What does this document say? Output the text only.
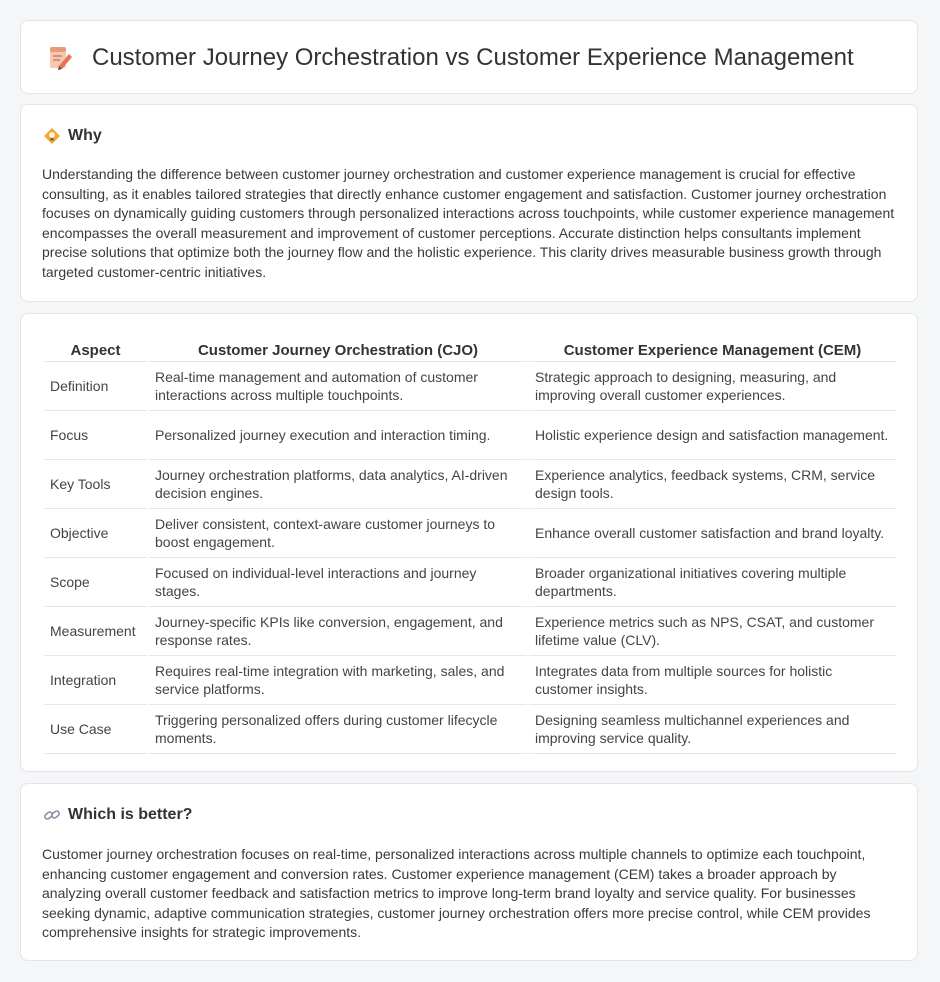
Customer Journey Orchestration vs Customer Experience Management
Why

Understanding the difference between customer journey orchestration and customer experience management is crucial for effective consulting, as it enables tailored strategies that directly enhance customer engagement and satisfaction. Customer journey orchestration focuses on dynamically guiding customers through personalized interactions across touchpoints, while customer experience management encompasses the overall measurement and improvement of customer perceptions. Accurate distinction helps consultants implement precise solutions that optimize both the journey flow and the holistic experience. This clarity drives measurable business growth through targeted customer-centric initiatives.

Aspect	Customer Journey Orchestration (CJO)	Customer Experience Management (CEM)
Definition	Real-time management and automation of customer interactions across multiple touchpoints.	Strategic approach to designing, measuring, and improving overall customer experiences.
Focus	Personalized journey execution and interaction timing.	Holistic experience design and satisfaction management.
Key Tools	Journey orchestration platforms, data analytics, AI-driven decision engines.	Experience analytics, feedback systems, CRM, service design tools.
Objective	Deliver consistent, context-aware customer journeys to boost engagement.	Enhance overall customer satisfaction and brand loyalty.
Scope	Focused on individual-level interactions and journey stages.	Broader organizational initiatives covering multiple departments.
Measurement	Journey-specific KPIs like conversion, engagement, and response rates.	Experience metrics such as NPS, CSAT, and customer lifetime value (CLV).
Integration	Requires real-time integration with marketing, sales, and service platforms.	Integrates data from multiple sources for holistic customer insights.
Use Case	Triggering personalized offers during customer lifecycle moments.	Designing seamless multichannel experiences and improving service quality.
Which is better?

Customer journey orchestration focuses on real-time, personalized interactions across multiple channels to optimize each touchpoint, enhancing customer engagement and conversion rates. Customer experience management (CEM) takes a broader approach by analyzing overall customer feedback and satisfaction metrics to improve long-term brand loyalty and service quality. For businesses seeking dynamic, adaptive communication strategies, customer journey orchestration offers more precise control, while CEM provides comprehensive insights for strategic improvements.
